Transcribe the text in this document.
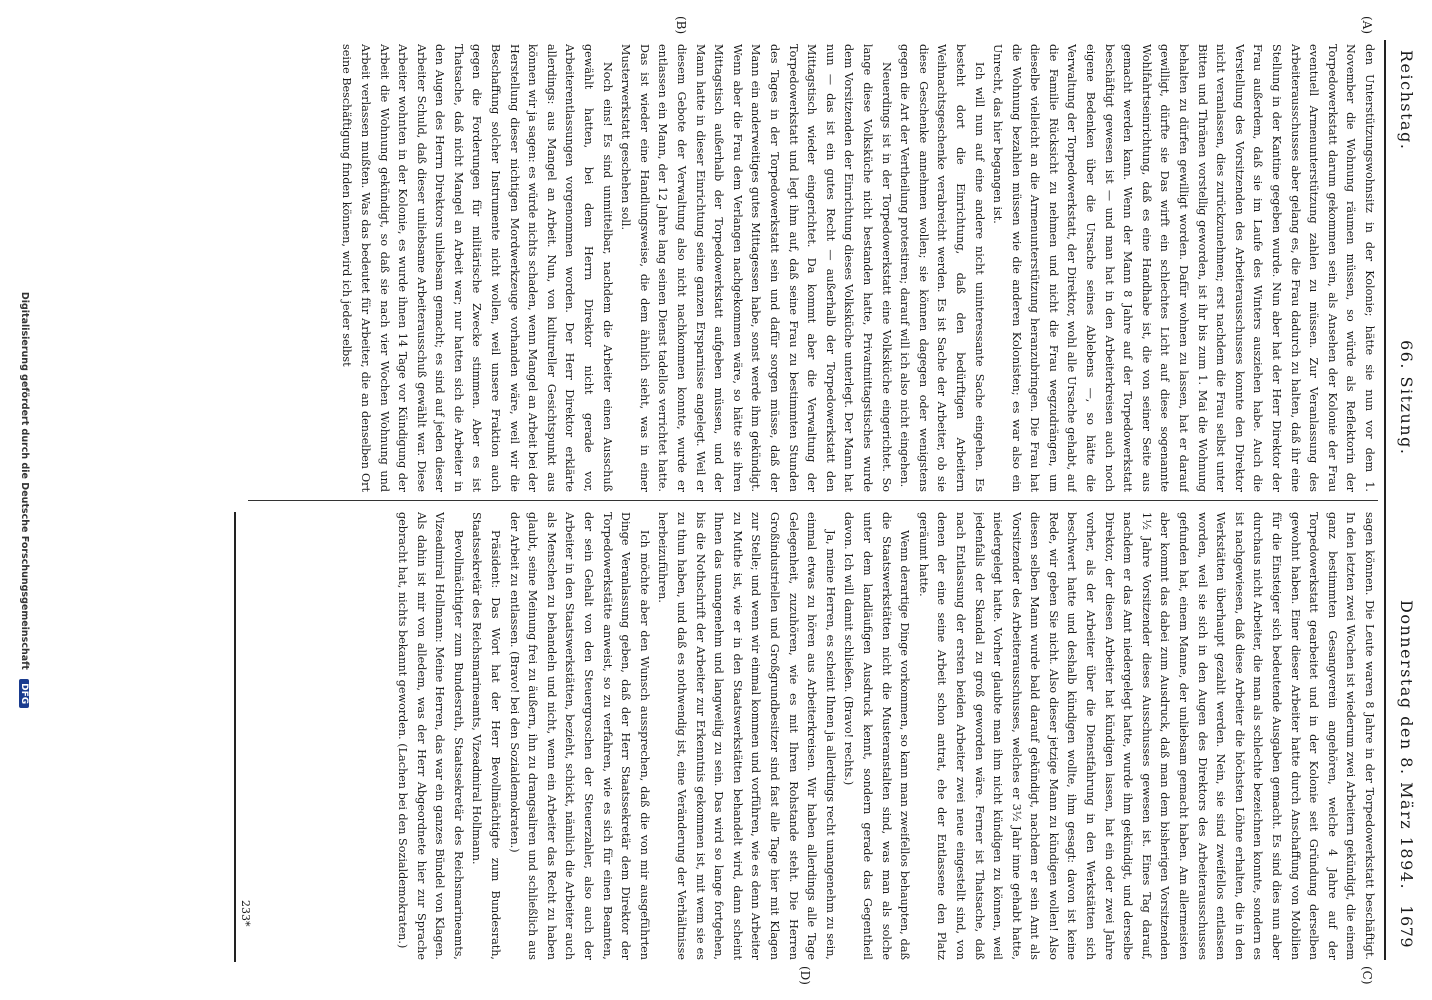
Reichstag.
66. Sitzung.
Donnerstag den 8. März 1894.
1679
(A)
(B)
(C)
(D)

den Unterstützungswohnsitz in der Kolonie; hätte sie nun vor dem 1. November die Wohnung räumen müssen, so würde als Reflektorin der Torpedowerkstatt darum gekommen sein, als Ansehen der Kolonie der Frau eventuell Armenunterstützung zahlen zu müssen. Zur Veranlassung des Arbeiterausschusses aber gelang es, die Frau dadurch zu halten, daß ihr eine Stellung in der Kantine gegeben wurde. Nun aber hat der Herr Direktor der Frau außerdem, daß sie im Laufe des Winters ausziehen habe. Auch die Verstellung des Vorsitzenden des Arbeiterausschusses konnte den Direktor nicht veranlassen, dies zurückzunehmen; erst nachdem die Frau selbst unter Bitten und Thränen vorstellig geworden, ist ihr bis zum 1. Mai die Wohnung behalten zu dürfen gewilligt worden. Dafür wohnen zu lassen, hat er darauf gewilligt, dürfte sie Das wirft ein schlechtes Licht auf diese sogenannte Wohlfahrtseinrichtung, daß es eine Handhabe ist, die von seiner Seite aus gemacht werden kann. Wenn der Mann 8 Jahre auf der Torpedowerkstatt beschäftigt gewesen ist — und man hat in den Arbeiterkreisen auch noch eigene Bedenken über die Ursache seines Ablebens —, so hätte die Verwaltung der Torpedowerkstatt, der Direktor, wohl alle Ursache gehabt, auf die Familie Rücksicht zu nehmen und nicht die Frau wegzudrängen, um dieselbe vielleicht an die Armenunterstützung heranzubringen. Die Frau hat die Wohnung bezahlen müssen wie die anderen Kolonisten; es war also ein Unrecht, das hier begangen ist.

Ich will nun auf eine andere nicht uninteressante Sache eingehen. Es besteht dort die Einrichtung, daß den bedürftigen Arbeitern Weihnachtsgeschenke verabreicht werden. Es ist Sache der Arbeiter, ob sie diese Geschenke annehmen wollen; sie können dagegen oder wenigstens gegen die Art der Vertheilung protestiren; darauf will ich also nicht eingehen.

Neuerdings ist in der Torpedowerkstatt eine Volksküche eingerichtet. So lange diese Volksküche nicht bestanden hatte, Privatmittagstisches wurde dem Vorsitzenden der Einrichtung dieses Volksküche unterlegt. Der Mann hat nun — das ist ein gutes Recht — außerhalb der Torpedowerkstatt den Mittagstisch wieder eingerichtet. Da kommt aber die Verwaltung der Torpedowerkstatt und legt ihm auf, daß seine Frau zu bestimmten Stunden des Tages in der Torpedowerkstatt sein und dafür sorgen müsse, daß der Mann ein anderweitiges gutes Mittagessen habe, sonst werde ihm gekündigt. Wenn aber die Frau dem Verlangen nachgekommen wäre, so hätte sie ihren Mittagstisch außerhalb der Torpedowerkstatt aufgeben müssen, und der Mann hatte in dieser Einrichtung seine ganzen Ersparnisse angelegt. Weil er diesem Gebote der Verwaltung also nicht nachkommen konnte, wurde er entlassen ein Mann, der 12 Jahre lang seinen Dienst tadellos verrichtet hatte. Das ist wieder eine Handlungsweise, die dem ähnlich sieht, was in einer Musterwerkstatt geschehen soll.

Noch eins! Es sind unmittelbar, nachdem die Arbeiter einen Ausschuß gewählt hatten, bei dem Herrn Direktor nicht gerade vor, Arbeiterentlassungen vorgenommen worden. Der Herr Direktor erklärte allerdings: aus Mangel an Arbeit. Nun, von kultureller Gesichtspunkt aus können wir ja sagen: es würde nichts schaden, wenn Mangel an Arbeit bei der Herstellung dieser nichtigen Mordwerkzeuge vorhanden wäre, weil wir die Beschaffung solcher Instrumente nicht wollen, weil unsere Fraktion auch gegen die Forderungen für militärische Zwecke stimmen. Aber es ist Thatsache, daß nicht Mangel an Arbeit war; nur hatten sich die Arbeiter in den Augen des Herrn Direktors unliebsam gemacht; es sind auf jeden dieser Arbeiter Schuld, daß dieser unliebsame Arbeiterausschuß gewählt war. Diese Arbeiter wohnten in der Kolonie, es wurde ihnen 14 Tage vor Kündigung der Arbeit die Wohnung gekündigt, so daß sie nach vier Wochen Wohnung und Arbeit verlassen mußten. Was das bedeutet für Arbeiter, die an denselben Ort seine Beschäftigung finden können, wird ich jeder selbst

sagen können. Die Leute waren 8 Jahre in der Torpedowerkstatt beschäftigt. In den letzten zwei Wochen ist wiederum zwei Arbeitern gekündigt, die einem ganz bestimmten Gesangverein angehören, welche 4 Jahre auf der Torpedowerkstatt gearbeitet und in der Kolonie seit Gründung derselben gewohnt haben. Einer dieser Arbeiter hatte durch Anschaffung von Mobilien für die Einsteiger sich bedeutende Ausgaben gemacht. Es sind dies nun aber durchaus nicht Arbeiter, die man als schlechte bezeichnen konnte, sondern es ist nachgewiesen, daß diese Arbeiter die höchsten Löhne erhalten, die in den Werkstätten überhaupt gezahlt werden. Nein, sie sind zweifellos entlassen worden, weil sie sich in den Augen des Direktors des Arbeiterausschusses gefunden hat, einem Manne, der unliebsam gemacht haben. Am allermeisten aber kommt das dabei zum Ausdruck, daß man dem bisherigen Vorsitzenden 1½ Jahre Vorsitzender dieses Ausschusses gewesen ist. Eines Tag darauf, nachdem er das Amt niedergelegt hatte, wurde ihm gekündigt, und derselbe Direktor, der diesen Arbeiter hat kündigen lassen, hat ein oder zwei Jahre vorher, als der Arbeiter über die Dienstfahrung in den Werkstätten sich beschwert hatte und deshalb kündigen wollte, ihm gesagt: davon ist keine Rede, wir geben Sie nicht. Also dieser jetzige Mann zu kündigen wollen! Also diesen selben Mann wurde bald darauf gekündigt, nachdem er sein Amt als Vorsitzender des Arbeiterausschusses, welches er 3½ Jahr inne gehabt hatte, niedergelegt hatte. Vorher glaubte man ihm nicht kündigen zu können, weil jedenfalls der Skandal zu groß geworden wäre. Ferner ist Thatsache, daß nach Entlassung der ersten beiden Arbeiter zwei neue eingestellt sind, von denen der eine seine Arbeit schon antrat, ehe der Entlassene den Platz geräumt hatte.

Wenn derartige Dinge vorkommen, so kann man zweifellos behaupten, daß die Staatswerkstätten nicht die Musteranstalten sind, was man als solche unter dem landläufigen Ausdruck kennt, sondern gerade das Gegentheil davon. Ich will damit schließen. (Bravo! rechts.)

Ja, meine Herren, es scheint Ihnen ja allerdings recht unangenehm zu sein, einmal etwas zu hören aus Arbeiterkreisen. Wir haben allerdings alle Tage Gelegenheit, zuzuhören, wie es mit Ihren Rohstande steht. Die Herren Großindustriellen und Großgrundbesitzer sind fast alle Tage hier mit Klagen zur Stelle; und wenn wir einmal kommen und vorführen, wie es denn Arbeiter zu Muthe ist, wie er in den Staatswerkstätten behandelt wird, dann scheint Ihnen das unangenehm und langweilig zu sein. Das wird so lange fortgehen, bis die Nothschrift der Arbeiter zur Erkenntnis gekommen ist, mit wem sie es zu thun haben, und daß es nothwendig ist, eine Veränderung der Verhältnisse herbeizuführen.

Ich möchte aber den Wunsch aussprechen, daß die von mir ausgeführten Dinge Veranlassung geben, daß der Herr Staatssekretär dem Direktor der Torpedowerkstätte anweist, so zu verfahren, wie es sich für einen Beamten, der sein Gehalt von den Steuergroschen der Steuerzahler, also auch der Arbeiter in den Staatswerkstätten, bezieht, schickt, nämlich die Arbeiter auch als Menschen zu behandeln und nicht, wenn ein Arbeiter das Recht zu haben glaubt, seine Meinung frei zu äußern, ihn zu drangsaliren und schließlich aus der Arbeit zu entlassen. (Bravo! bei den Sozialdemokraten.)

Präsident: Das Wort hat der Herr Bevollmächtigte zum Bundesrath, Staatssekretär des Reichsmarineamts, Vizeadmiral Hollmann.

Bevollmächtigter zum Bundesrath, Staatssekretär des Reichsmarineamts, Vizeadmiral Hollmann: Meine Herren, das war ein ganzes Bündel von Klagen. Als dahin ist mir von alledem, was der Herr Abgeordnete hier zur Sprache gebracht hat, nichts bekannt geworden. (Lachen bei den Sozialdemokraten.)

233*
Digitalisierung gefördert durch die Deutsche Forschungsgemeinschaft DFG
